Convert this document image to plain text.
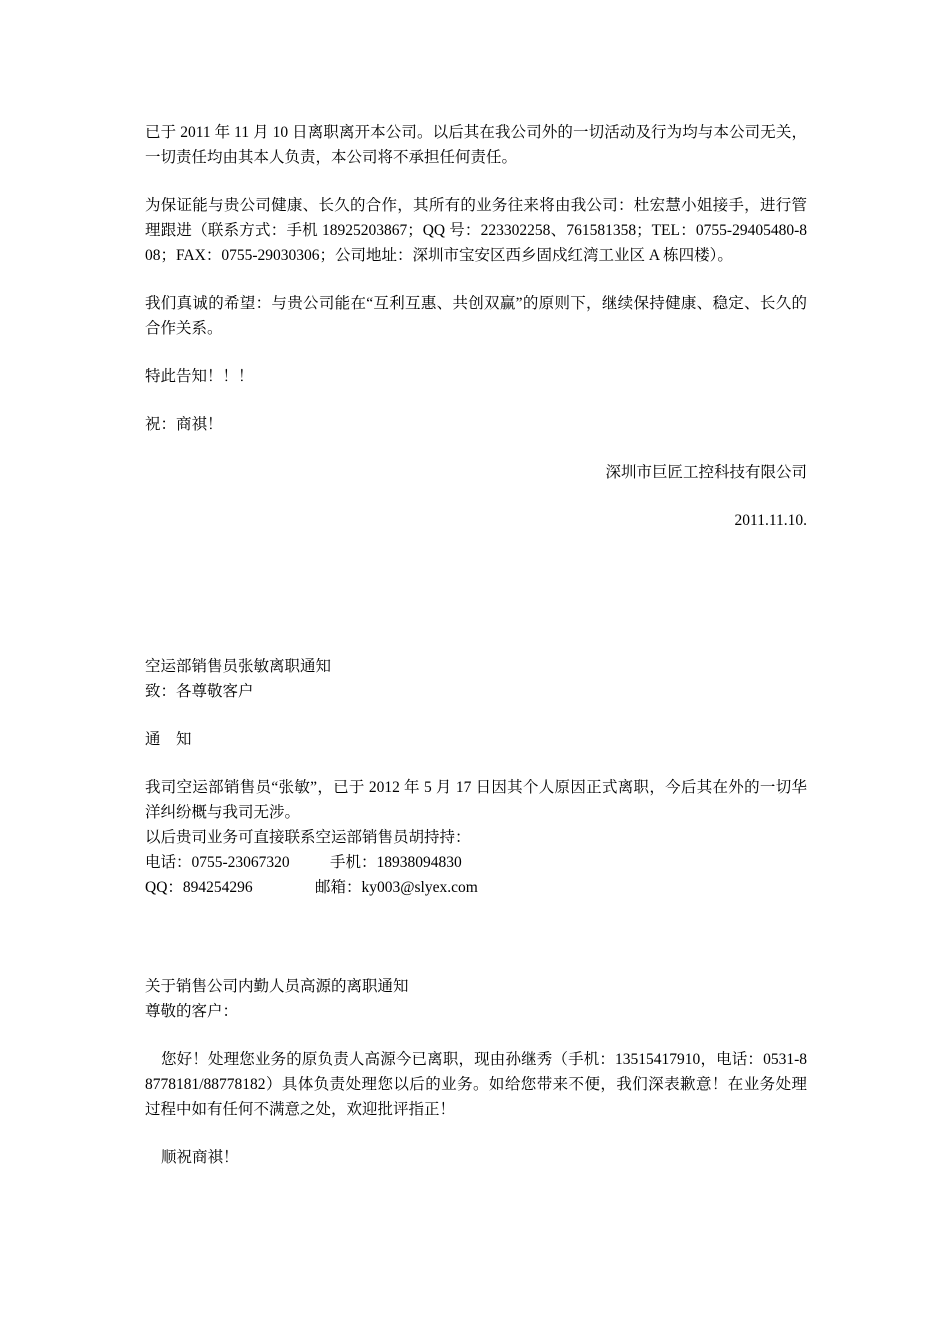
已于 2011 年 11 月 10 日离职离开本公司。以后其在我公司外的一切活动及行为均与本公司无关，一切责任均由其本人负责，本公司将不承担任何责任。

为保证能与贵公司健康、长久的合作，其所有的业务往来将由我公司：杜宏慧小姐接手，进行管理跟进（联系方式：手机 18925203867；QQ 号：223302258、761581358；TEL：0755-29405480-808；FAX：0755-29030306；公司地址：深圳市宝安区西乡固戍红湾工业区 A 栋四楼）。

我们真诚的希望：与贵公司能在“互利互惠、共创双赢”的原则下，继续保持健康、稳定、长久的合作关系。

特此告知！！！

祝：商祺！

深圳市巨匠工控科技有限公司

2011.11.10.

空运部销售员张敏离职通知

致：各尊敬客户

通　知

我司空运部销售员“张敏”，已于 2012 年 5 月 17 日因其个人原因正式离职，今后其在外的一切华洋纠纷概与我司无涉。

以后贵司业务可直接联系空运部销售员胡持持：

电话：0755-23067320	手机：18938094830

QQ：894254296	邮箱：ky003@slyex.com

关于销售公司内勤人员高源的离职通知

尊敬的客户：

您好！处理您业务的原负责人高源今已离职，现由孙继秀（手机：13515417910，电话：0531-88778181/88778182）具体负责处理您以后的业务。如给您带来不便，我们深表歉意！在业务处理过程中如有任何不满意之处，欢迎批评指正！

顺祝商祺！
